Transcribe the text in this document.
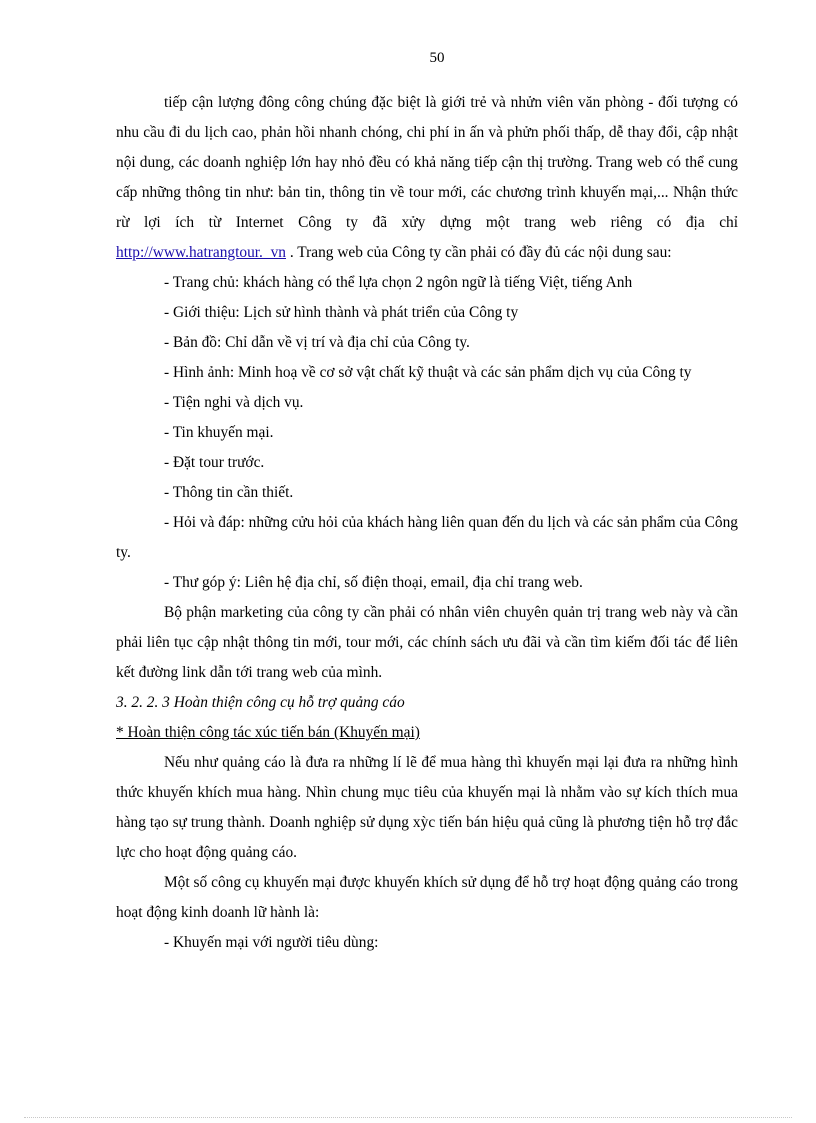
50

tiếp cận lượng đông công chúng đặc biệt là giới trẻ và nhửn viên văn phòng - đối tượng có nhu cầu đi du lịch cao, phản hồi nhanh chóng, chi phí in ấn và phửn phối thấp, dễ thay đổi, cập nhật nội dung, các doanh nghiệp lớn hay nhỏ đều có khả năng tiếp cận thị trường. Trang web có thể cung cấp những thông tin như: bản tin, thông tin về tour mới, các chương trình khuyến mại,... Nhận thức rừ lợi ích từ Internet Công ty đã xửy dựng một trang web riêng có địa chỉ http://www.hatrangtour.  vn . Trang web của Công ty cần phải có đầy đủ các nội dung sau:

- Trang chủ: khách hàng có thể lựa chọn 2 ngôn ngữ là tiếng Việt, tiếng Anh

- Giới thiệu: Lịch sử hình thành và phát triển của Công ty

- Bản đồ: Chỉ dẫn về vị trí và địa chỉ của Công ty.

- Hình ảnh: Minh hoạ về cơ sở vật chất kỹ thuật và các sản phẩm dịch vụ của Công ty

- Tiện nghi và dịch vụ.

- Tin khuyến mại.

- Đặt tour trước.

- Thông tin cần thiết.

- Hỏi và đáp: những cửu hỏi của khách hàng liên quan đến du lịch và các sản phẩm của Công ty.

- Thư góp ý: Liên hệ địa chỉ, số điện thoại, email, địa chỉ trang web.

Bộ phận marketing của công ty cần phải có nhân viên chuyên quản trị trang web này và cần phải liên tục cập nhật thông tin mới, tour mới, các chính sách ưu đãi và cần tìm kiếm đối tác để liên kết đường link dẫn tới trang web của mình.

3. 2. 2. 3 Hoàn thiện công cụ hỗ trợ quảng cáo

* Hoàn thiện công tác xúc tiến bán (Khuyến mại)

Nếu như quảng cáo là đưa ra những lí lẽ để mua hàng thì khuyến mại lại đưa ra những hình thức khuyến khích mua hàng. Nhìn chung mục tiêu của khuyến mại là nhằm vào sự kích thích mua hàng tạo sự trung thành. Doanh nghiệp sử dụng xỳc tiến bán hiệu quả cũng là phương tiện hỗ trợ đắc lực cho hoạt động quảng cáo.

Một số công cụ khuyến mại được khuyến khích sử dụng để hỗ trợ hoạt động quảng cáo trong hoạt động kinh doanh lữ hành là:

- Khuyến mại với người tiêu dùng:
